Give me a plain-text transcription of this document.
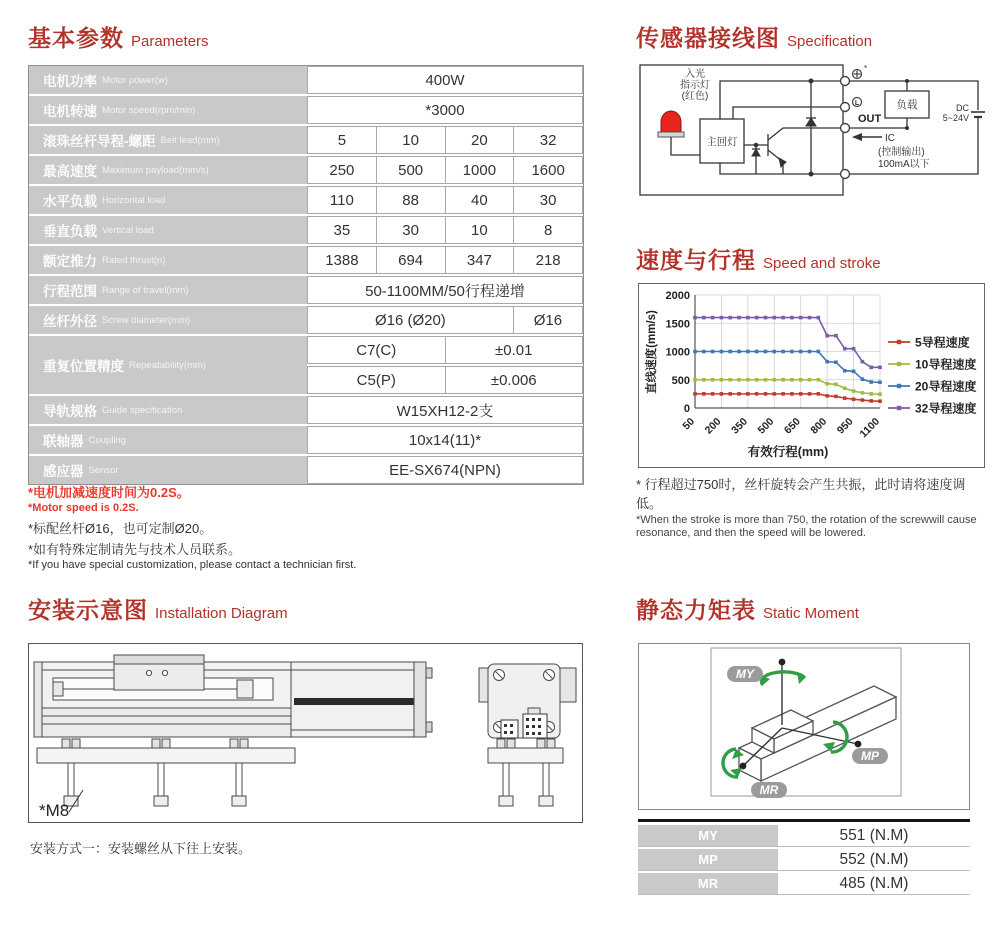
基本参数 Parameters	传感器接线图 Specification
速度与行程 Speed and stroke
安装示意图 Installation Diagram	静态力矩表 Static Moment
电机功率 Motor power(w)	400W
电机转速 Motor speed(rpm/min)	*3000
滚珠丝杆导程-螺距 Belt lead(mm)	5	10	20	32
最高速度 Maximum payload(mm/s)	250	500	1000	1600
水平负载 Horizontal load	110	88	40	30
垂直负载 Vertical load	35	30	10	8
额定推力 Rated thrust(n)	1388	694	347	218
行程范围 Range of travel(mm)	50-1100MM/50行程递增
丝杆外径 Screw diameter(mm)	Ø16 (Ø20)	Ø16
重复位置精度 Repeatability(mm)
C7(C)	±0.01
C5(P)	±0.006
导轨规格 Guide specification	W15XH12-2支
联轴器 Coupling	10x14(11)*
感应器 Sensor	EE-SX674(NPN)
*电机加减速度时间为0.2S。
*Motor speed is 0.2S.
*标配丝杆Ø16，也可定制Ø20。
*如有特殊定制请先与技术人员联系。
*If you have special customization, please contact a technician first.
入光
指示灯
(红色)
主回灯
*
L	DC
5~24V
负载
OUT
IC
(控制输出)
100mA以下
0
500
1000
1500
2000
50 200 350 500 650 800 950 1100
直线速度(mm/s)
有效行程(mm)
5导程速度
10导程速度
20导程速度
32导程速度
* 行程超过750时，丝杆旋转会产生共振，此时请将速度调低。
*When the stroke is more than 750, the rotation of the screwwill cause
resonance, and then the speed will be lowered.
*M8
安装方式一：安装螺丝从下往上安装。
MY
MP
MR
MY	551 (N.M)
MP	552 (N.M)
MR	485 (N.M)
